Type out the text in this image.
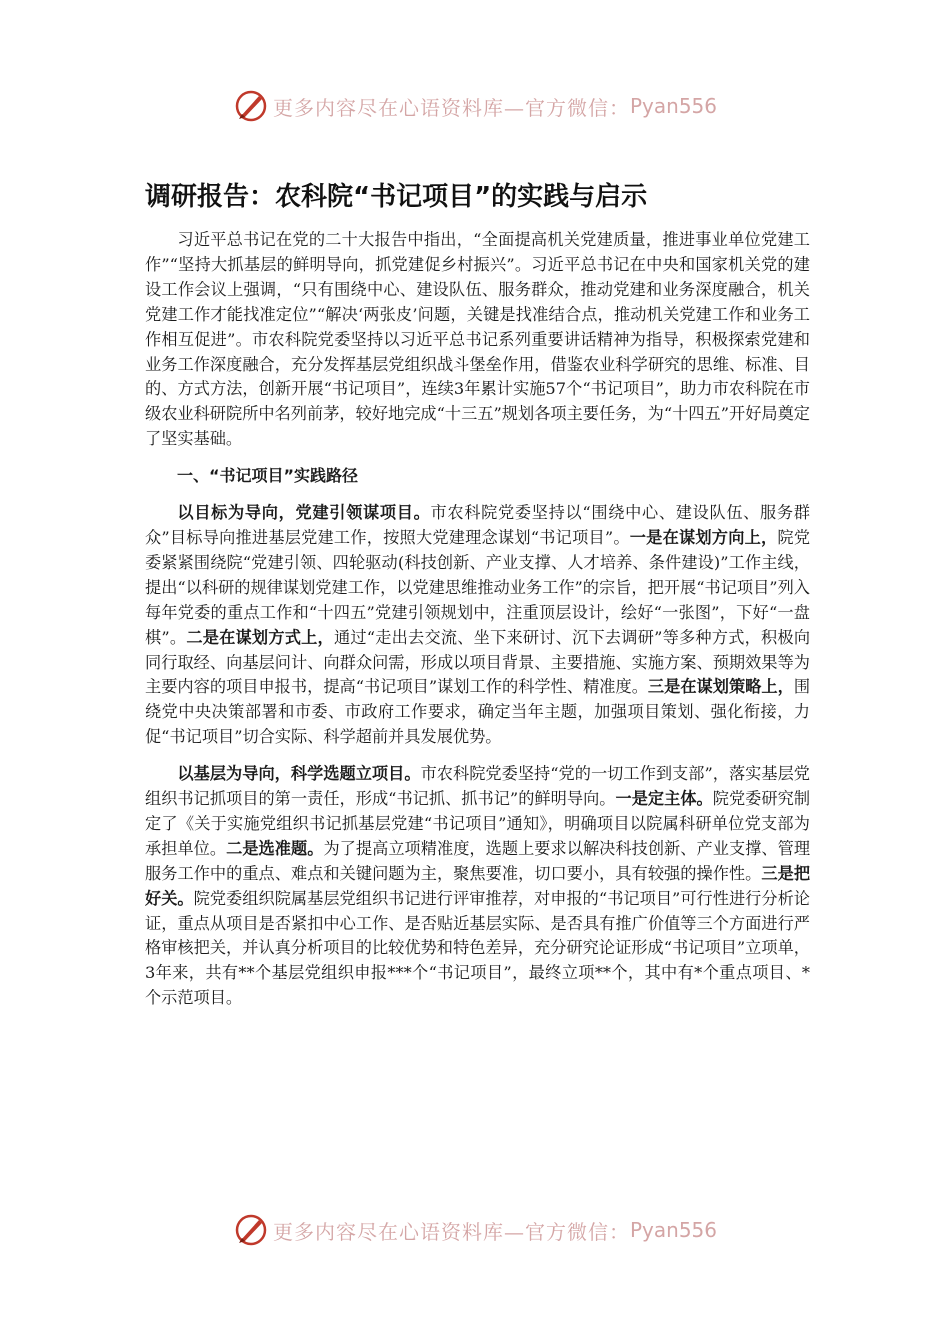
更多内容尽在心语资料库—官方微信： Pyan556
调研报告：农科院“书记项目”的实践与启示

习近平总书记在党的二十大报告中指出，“全面提高机关党建质量，推进事业单位党建工作”“坚持大抓基层的鲜明导向，抓党建促乡村振兴”。习近平总书记在中央和国家机关党的建设工作会议上强调，“只有围绕中心、建设队伍、服务群众，推动党建和业务深度融合，机关党建工作才能找准定位”“解决‘两张皮’问题，关键是找准结合点，推动机关党建工作和业务工作相互促进”。市农科院党委坚持以习近平总书记系列重要讲话精神为指导，积极探索党建和业务工作深度融合，充分发挥基层党组织战斗堡垒作用，借鉴农业科学研究的思维、标准、目的、方式方法，创新开展“书记项目”，连续3年累计实施57个“书记项目”，助力市农科院在市级农业科研院所中名列前茅，较好地完成“十三五”规划各项主要任务，为“十四五”开好局奠定了坚实基础。

一、“书记项目”实践路径

以目标为导向，党建引领谋项目。市农科院党委坚持以“围绕中心、建设队伍、服务群众”目标导向推进基层党建工作，按照大党建理念谋划“书记项目”。一是在谋划方向上，院党委紧紧围绕院“党建引领、四轮驱动(科技创新、产业支撑、人才培养、条件建设)”工作主线，提出“以科研的规律谋划党建工作，以党建思维推动业务工作”的宗旨，把开展“书记项目”列入每年党委的重点工作和“十四五”党建引领规划中，注重顶层设计，绘好“一张图”，下好“一盘棋”。二是在谋划方式上，通过“走出去交流、坐下来研讨、沉下去调研”等多种方式，积极向同行取经、向基层问计、向群众问需，形成以项目背景、主要措施、实施方案、预期效果等为主要内容的项目申报书，提高“书记项目”谋划工作的科学性、精准度。三是在谋划策略上，围绕党中央决策部署和市委、市政府工作要求，确定当年主题，加强项目策划、强化衔接，力促“书记项目”切合实际、科学超前并具发展优势。

以基层为导向，科学选题立项目。市农科院党委坚持“党的一切工作到支部”，落实基层党组织书记抓项目的第一责任，形成“书记抓、抓书记”的鲜明导向。一是定主体。院党委研究制定了《关于实施党组织书记抓基层党建“书记项目”通知》，明确项目以院属科研单位党支部为承担单位。二是选准题。为了提高立项精准度，选题上要求以解决科技创新、产业支撑、管理服务工作中的重点、难点和关键问题为主，聚焦要准，切口要小，具有较强的操作性。三是把好关。院党委组织院属基层党组织书记进行评审推荐，对申报的“书记项目”可行性进行分析论证，重点从项目是否紧扣中心工作、是否贴近基层实际、是否具有推广价值等三个方面进行严格审核把关，并认真分析项目的比较优势和特色差异，充分研究论证形成“书记项目”立项单，3年来，共有**个基层党组织申报***个“书记项目”，最终立项**个，其中有*个重点项目、*个示范项目。

更多内容尽在心语资料库—官方微信： Pyan556
